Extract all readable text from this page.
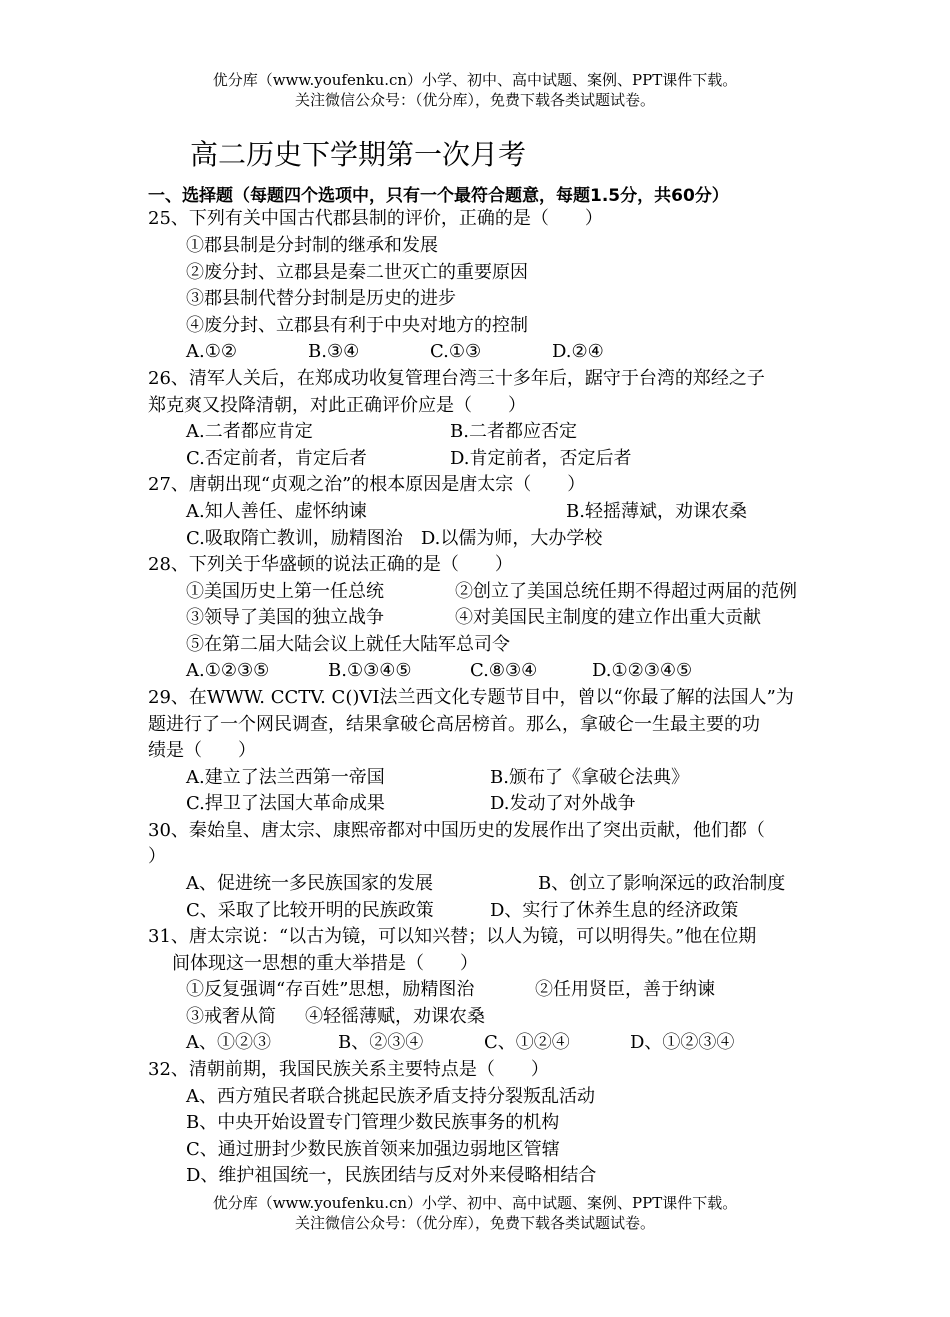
优分库（www.youfenku.cn）小学、初中、高中试题、案例、PPT课件下载。
关注微信公众号：（优分库），免费下载各类试题试卷。
高二历史下学期第一次月考
一、选择题（每题四个选项中，只有一个最符合题意，每题1.5分，共60分）
25、下列有关中国古代郡县制的评价，正确的是（　　）
①郡县制是分封制的继承和发展
②废分封、立郡县是秦二世灭亡的重要原因
③郡县制代替分封制是历史的进步
④废分封、立郡县有利于中央对地方的控制
A.①②	B.③④	C.①③	D.②④
26、清军人关后，在郑成功收复管理台湾三十多年后，踞守于台湾的郑经之子
郑克爽又投降清朝，对此正确评价应是（　　）
A.二者都应肯定	B.二者都应否定
C.否定前者，肯定后者	D.肯定前者，否定后者
27、唐朝出现“贞观之治”的根本原因是唐太宗（　　）
A.知人善任、虚怀纳谏	B.轻摇薄斌，劝课农桑
C.吸取隋亡教训，励精图治　D.以儒为师，大办学校
28、下列关于华盛顿的说法正确的是（　　）
①美国历史上第一任总统	②创立了美国总统任期不得超过两届的范例
③领导了美国的独立战争	④对美国民主制度的建立作出重大贡献
⑤在第二届大陆会议上就任大陆军总司令
A.①②③⑤	B.①③④⑤	C.⑧③④	D.①②③④⑤
29、在WWW. CCTV. C()VI法兰西文化专题节目中，曾以“你最了解的法国人”为
题进行了一个网民调查，结果拿破仑高居榜首。那么，拿破仑一生最主要的功
绩是（　　）
A.建立了法兰西第一帝国	B.颁布了《拿破仑法典》
C.捍卫了法国大革命成果	D.发动了对外战争
30、秦始皇、唐太宗、康熙帝都对中国历史的发展作出了突出贡献，他们都（
）
A、促进统一多民族国家的发展	B、创立了影响深远的政治制度
C、采取了比较开明的民族政策	D、实行了休养生息的经济政策
31、唐太宗说：“以古为镜，可以知兴替；以人为镜，可以明得失。”他在位期
间体现这一思想的重大举措是（　　）
①反复强调“存百姓”思想，励精图治	②任用贤臣，善于纳谏
③戒奢从简 ④轻徭薄赋，劝课农桑
A、①②③	B、②③④	C、①②④	D、①②③④
32、清朝前期，我国民族关系主要特点是（　　）
A、西方殖民者联合挑起民族矛盾支持分裂叛乱活动
B、中央开始设置专门管理少数民族事务的机构
C、通过册封少数民族首领来加强边弱地区管辖
D、维护祖国统一，民族团结与反对外来侵略相结合
优分库（www.youfenku.cn）小学、初中、高中试题、案例、PPT课件下载。
关注微信公众号：（优分库），免费下载各类试题试卷。
